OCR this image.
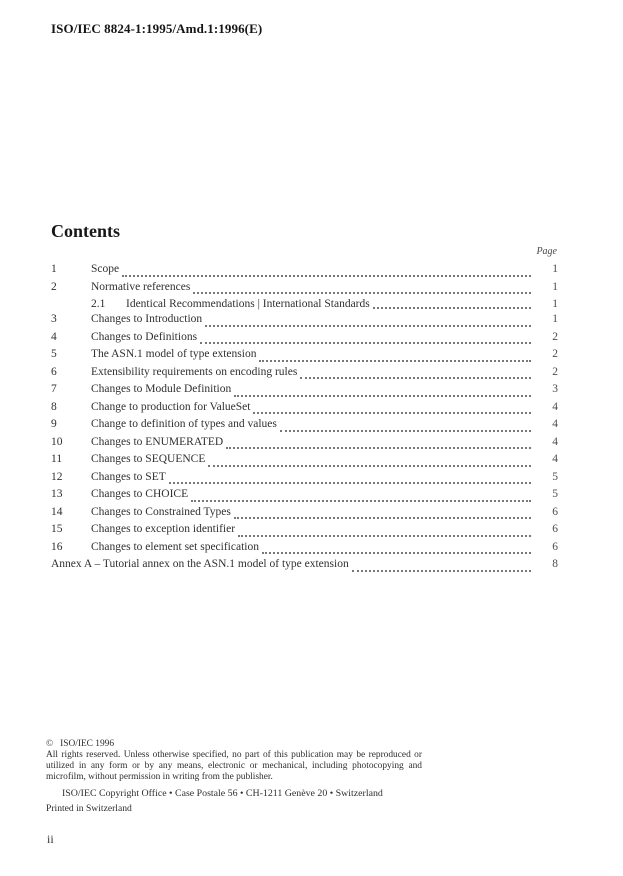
ISO/IEC 8824-1:1995/Amd.1:1996(E)
Contents
Page
1	Scope	1
2	Normative references	1
2.1	Identical Recommendations | International Standards	1
3	Changes to Introduction	1
4	Changes to Definitions	2
5	The ASN.1 model of type extension	2
6	Extensibility requirements on encoding rules	2
7	Changes to Module Definition	3
8	Change to production for ValueSet	4
9	Change to definition of types and values	4
10	Changes to ENUMERATED	4
11	Changes to SEQUENCE	4
12	Changes to SET	5
13	Changes to CHOICE	5
14	Changes to Constrained Types	6
15	Changes to exception identifier	6
16	Changes to element set specification	6
Annex A – Tutorial annex on the ASN.1 model of type extension	8

© ISO/IEC 1996

All rights reserved. Unless otherwise specified, no part of this publication may be reproduced or utilized in any form or by any means, electronic or mechanical, including photocopying and microfilm, without permission in writing from the publisher.

ISO/IEC Copyright Office • Case Postale 56 • CH-1211 Genève 20 • Switzerland
Printed in Switzerland
ii
